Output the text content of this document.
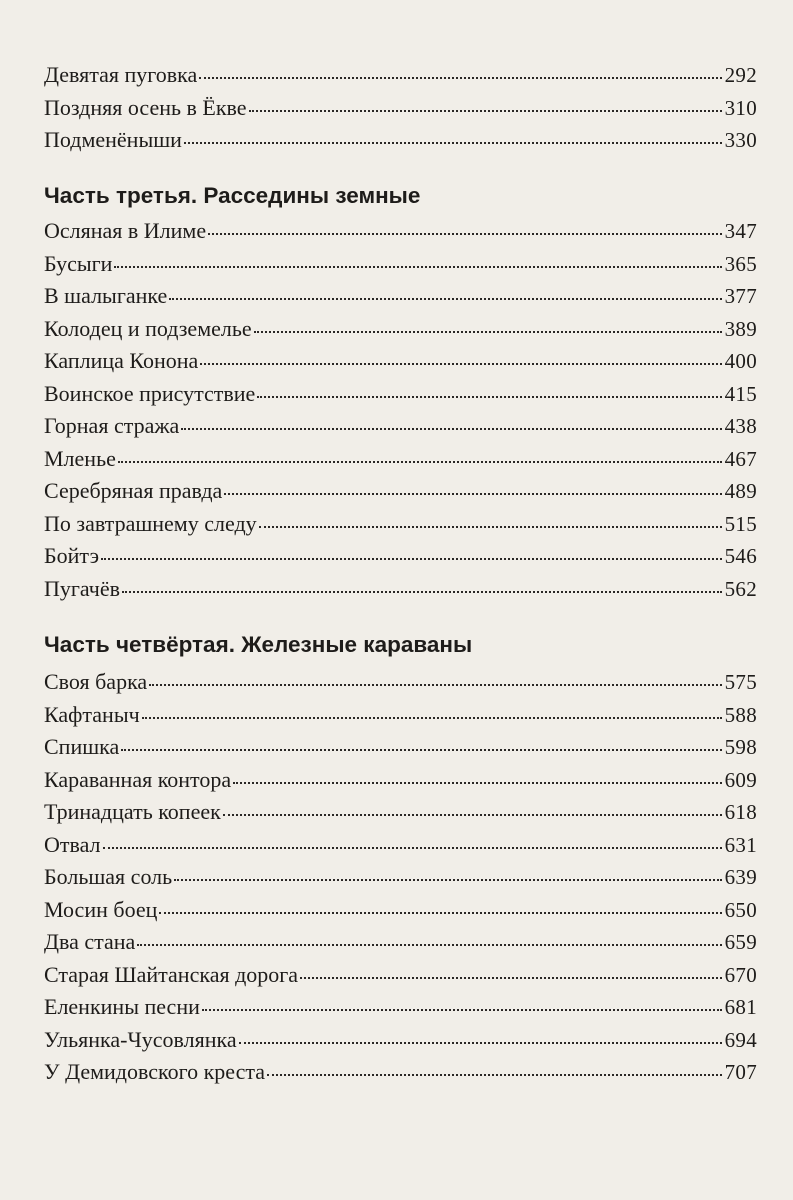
Девятая пуговка	292
Поздняя осень в Ёкве	310
Подменёныши	330
Часть третья. Расседины земные
Осляная в Илиме	347
Бусыги	365
В шалыганке	377
Колодец и подземелье	389
Каплица Конона	400
Воинское присутствие	415
Горная стража	438
Мленье	467
Серебряная правда	489
По завтрашнему следу	515
Бойтэ	546
Пугачёв	562
Часть четвёртая. Железные караваны
Своя барка	575
Кафтаныч	588
Спишка	598
Караванная контора	609
Тринадцать копеек	618
Отвал	631
Большая соль	639
Мосин боец	650
Два стана	659
Старая Шайтанская дорога	670
Еленкины песни	681
Ульянка-Чусовлянка	694
У Демидовского креста	707
